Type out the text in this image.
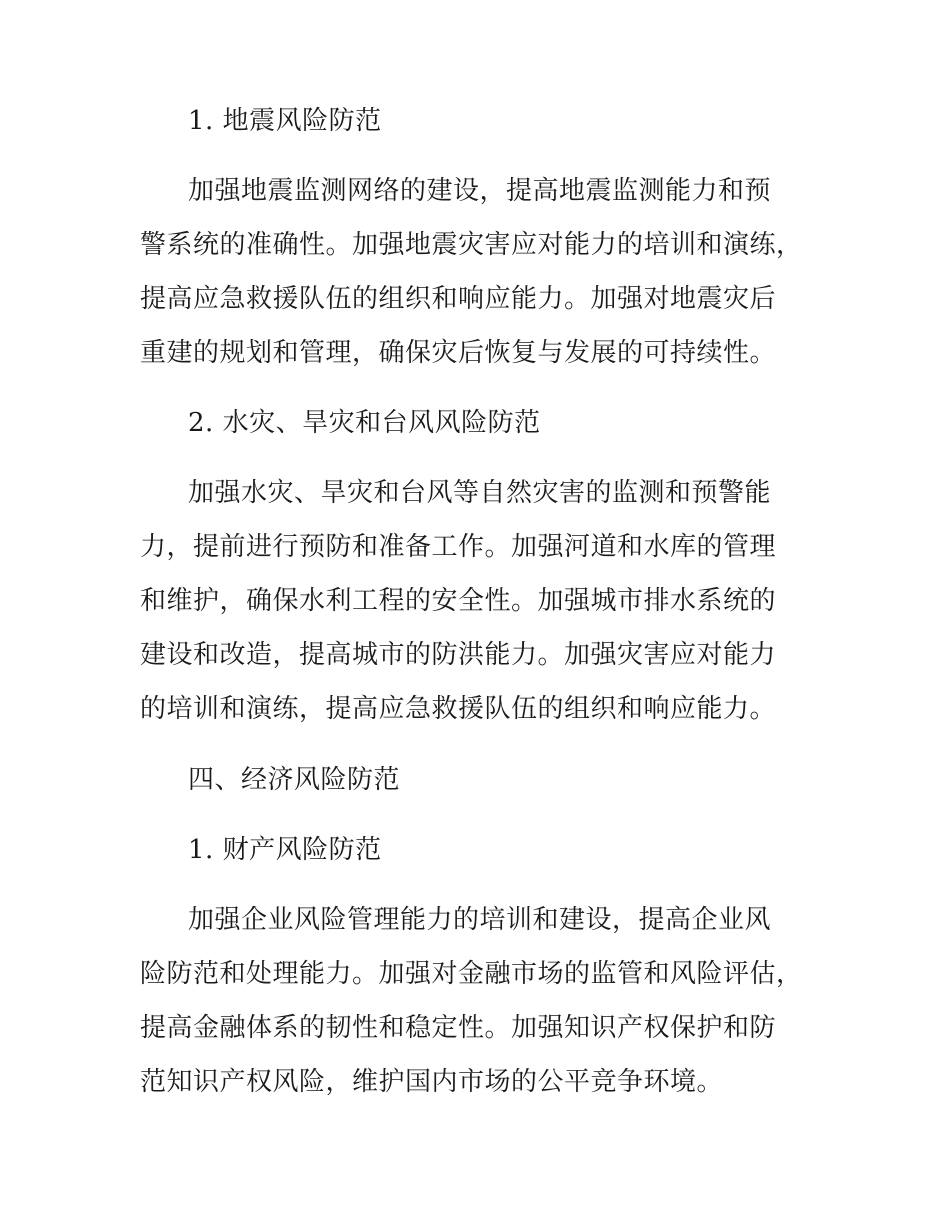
1. 地震风险防范

加强地震监测网络的建设，提高地震监测能力和预
警系统的准确性。加强地震灾害应对能力的培训和演练，
提高应急救援队伍的组织和响应能力。加强对地震灾后
重建的规划和管理，确保灾后恢复与发展的可持续性。

2. 水灾、旱灾和台风风险防范

加强水灾、旱灾和台风等自然灾害的监测和预警能
力，提前进行预防和准备工作。加强河道和水库的管理
和维护，确保水利工程的安全性。加强城市排水系统的
建设和改造，提高城市的防洪能力。加强灾害应对能力
的培训和演练，提高应急救援队伍的组织和响应能力。

四、经济风险防范

1. 财产风险防范

加强企业风险管理能力的培训和建设，提高企业风
险防范和处理能力。加强对金融市场的监管和风险评估，
提高金融体系的韧性和稳定性。加强知识产权保护和防
范知识产权风险，维护国内市场的公平竞争环境。
